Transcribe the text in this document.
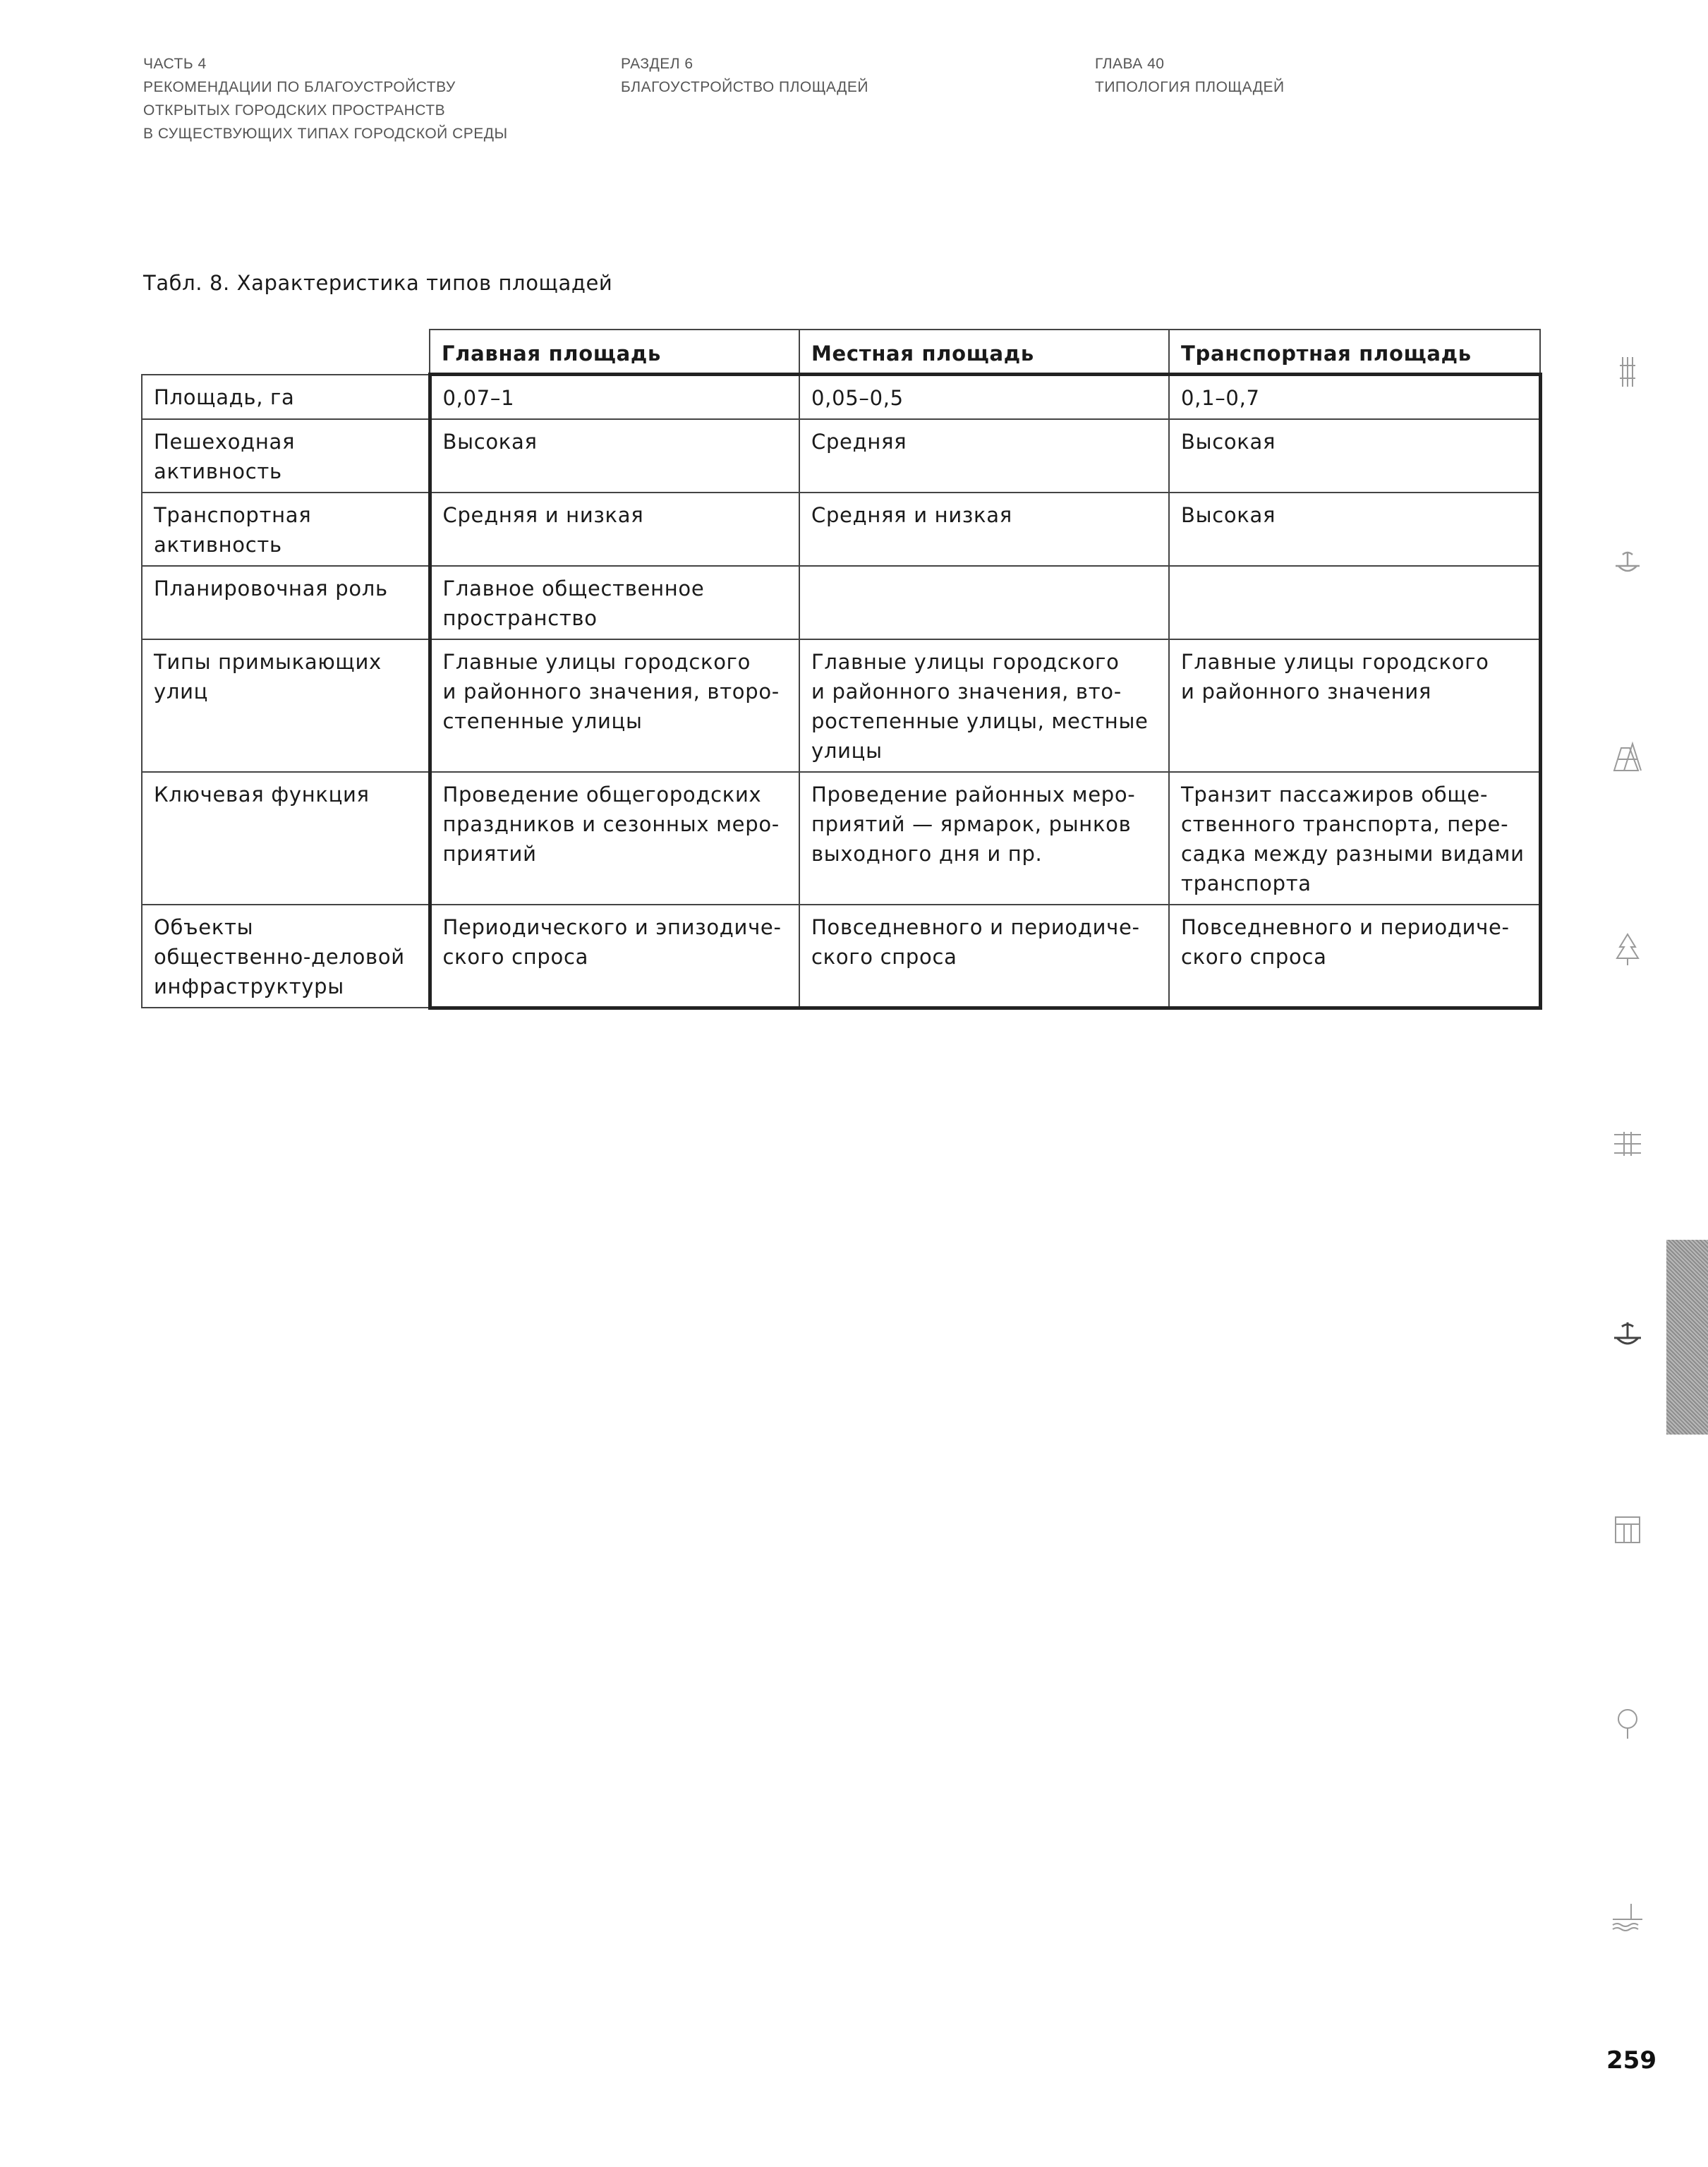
ЧАСТЬ 4
РЕКОМЕНДАЦИИ ПО БЛАГОУСТРОЙСТВУ
ОТКРЫТЫХ ГОРОДСКИХ ПРОСТРАНСТВ
В СУЩЕСТВУЮЩИХ ТИПАХ ГОРОДСКОЙ СРЕДЫ
РАЗДЕЛ 6
БЛАГОУСТРОЙСТВО ПЛОЩАДЕЙ
ГЛАВА 40
ТИПОЛОГИЯ ПЛОЩАДЕЙ
Табл. 8. Характеристика типов площадей
	Главная площадь	Местная площадь	Транспортная площадь

Площадь, га	0,07–1	0,05–0,5	0,1–0,7

Пешеходная
активность	Высокая	Средняя	Высокая

Транспортная
активность	Средняя и низкая	Средняя и низкая	Высокая

Планировочная роль	Главное общественное
пространство		

Типы примыкающих
улиц	Главные улицы городского
и районного значения, второ-
степенные улицы	Главные улицы городского
и районного значения, вто-
ростепенные улицы, местные
улицы	Главные улицы городского
и районного значения

Ключевая функция	Проведение общегородских
праздников и сезонных меро-
приятий	Проведение районных меро-
приятий — ярмарок, рынков
выходного дня и пр.	Транзит пассажиров обще-
ственного транспорта, пере-
садка между разными видами
транспорта

Объекты
общественно-деловой
инфраструктуры	Периодического и эпизодиче-
ского спроса	Повседневного и периодиче-
ского спроса	Повседневного и периодиче-
ского спроса
259
